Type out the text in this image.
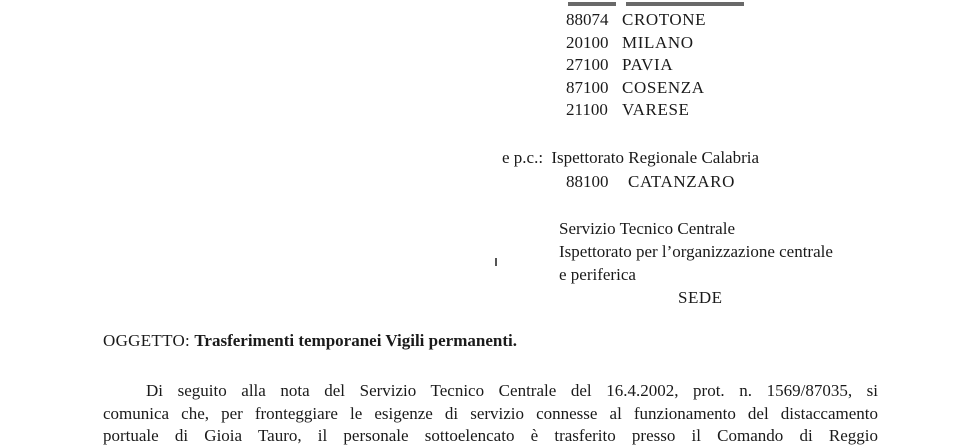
88074 CROTONE
20100 MILANO
27100 PAVIA
87100 COSENZA
21100 VARESE
e p.c.: Ispettorato Regionale Calabria
88100 CATANZARO
Servizio Tecnico Centrale
Ispettorato per l’organizzazione centrale
e periferica
SEDE
OGGETTO: Trasferimenti temporanei Vigili permanenti.
Di seguito alla nota del Servizio Tecnico Centrale del 16.4.2002, prot. n. 1569/87035, si
comunica che, per fronteggiare le esigenze di servizio connesse al funzionamento del distaccamento
portuale di Gioia Tauro, il personale sottoelencato è trasferito presso il Comando di Reggio
